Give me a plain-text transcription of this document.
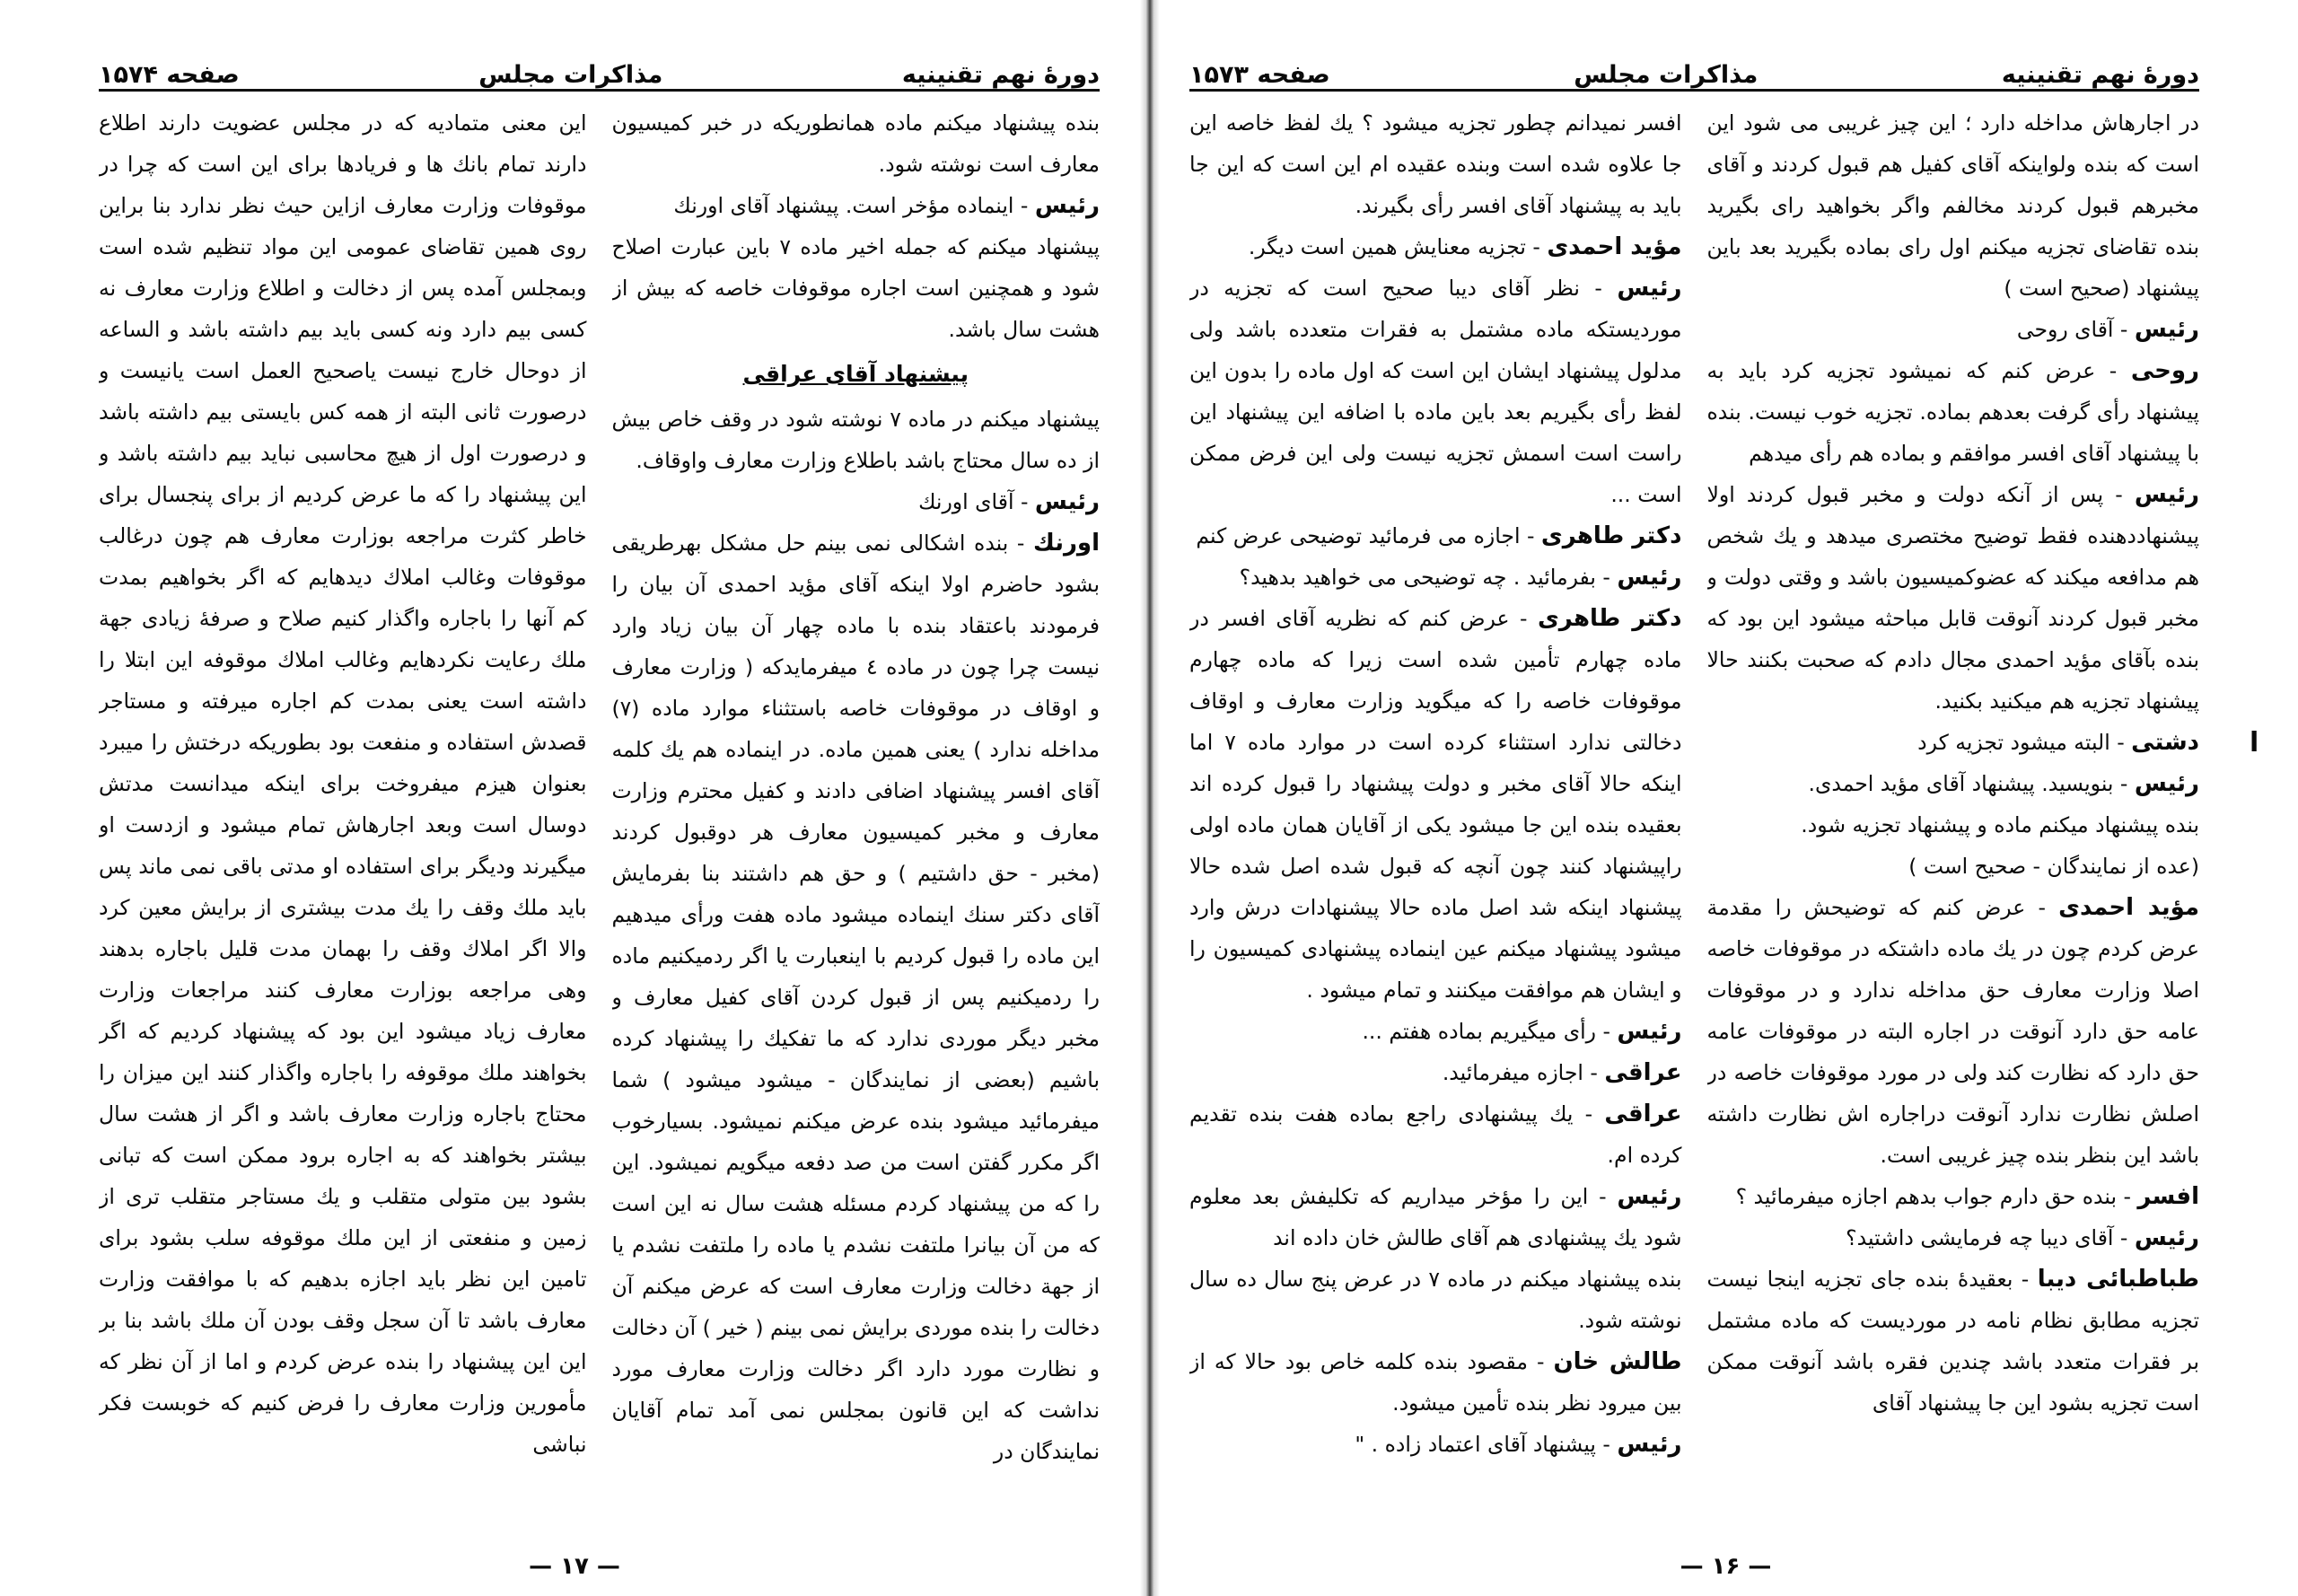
دورهٔ نهم تقنینیه
مذاکرات مجلس
صفحه ۱۵۷۴

بنده پیشنهاد میکنم ماده همانطوریکه در خبر کمیسیون معارف است نوشته شود.

رئیس - اینماده مؤخر است. پیشنهاد آقای اورنك

پیشنهاد میکنم که جمله اخیر ماده ۷ باین عبارت اصلاح شود و همچنین است اجاره موقوفات خاصه که بیش از هشت سال باشد.

پیشنهاد آقای عراقی

پیشنهاد میکنم در ماده ۷ نوشته شود در وقف خاص بیش از ده سال محتاج باشد باطلاع وزارت معارف واوقاف.

رئیس - آقای اورنك

اورنك - بنده اشکالی نمی بینم حل مشکل بهرطریقی بشود حاضرم اولا اینکه آقای مؤید احمدی آن بیان را فرمودند باعتقاد بنده با ماده چهار آن بیان زیاد وارد نیست چرا چون در ماده ٤ میفرمایدکه ( وزارت معارف و اوقاف در موقوفات خاصه باستثناء موارد ماده (۷) مداخله ندارد ) یعنی همین ماده. در اینماده هم یك کلمه آقای افسر پیشنهاد اضافی دادند و کفیل محترم وزارت معارف و مخبر کمیسیون معارف هر دوقبول کردند (مخبر - حق داشتیم ) و حق هم داشتند بنا بفرمایش آقای دکتر سنك اینماده میشود ماده هفت ورأی میدهیم این ماده را قبول کردیم با اینعبارت یا اگر ردمیکنیم ماده را ردمیکنیم پس از قبول کردن آقای کفیل معارف و مخبر دیگر موردی ندارد که ما تفکیك را پیشنهاد کرده باشیم (بعضی از نمایندگان - میشود میشود ) شما میفرمائید میشود بنده عرض میکنم نمیشود. بسیارخوب اگر مکرر گفتن است من صد دفعه میگویم نمیشود. این را که من پیشنهاد کردم مسئله هشت سال نه این است که من آن بیانرا ملتفت نشدم یا ماده را ملتفت نشدم یا از جهة دخالت وزارت معارف است که عرض میکنم آن دخالت را بنده موردی برایش نمی بینم ( خیر ) آن دخالت و نظارت مورد دارد اگر دخالت وزارت معارف مورد نداشت که این قانون بمجلس نمی آمد تمام آقایان نمایندگان در

این معنی متمادیه که در مجلس عضویت دارند اطلاع دارند تمام بانك ها و فریادها برای این است که چرا در موقوفات وزارت معارف ازاین حیث نظر ندارد بنا براین روی همین تقاضای عمومی این مواد تنظیم شده است وبمجلس آمده پس از دخالت و اطلاع وزارت معارف نه کسی بیم دارد ونه کسی باید بیم داشته باشد و الساعه از دوحال خارج نیست یاصحیح العمل است یانیست و درصورت ثانی البته از همه کس بایستی بیم داشته باشد و درصورت اول از هیچ محاسبی نباید بیم داشته باشد و این پیشنهاد را که ما عرض کردیم از برای پنجسال برای خاطر کثرت مراجعه بوزارت معارف هم چون درغالب موقوفات وغالب املاك دیدهایم که اگر بخواهیم بمدت کم آنها را باجاره واگذار کنیم صلاح و صرفهٔ زیادی جهة ملك رعایت نکردهایم وغالب املاك موقوفه این ابتلا را داشته است یعنی بمدت کم اجاره میرفته و مستاجر قصدش استفاده و منفعت بود بطوریکه درختش را میبرد بعنوان هیزم میفروخت برای اینکه میدانست مدتش دوسال است وبعد اجارهاش تمام میشود و ازدست او میگیرند ودیگر برای استفاده او مدتی باقی نمی ماند پس باید ملك وقف را یك مدت بیشتری از برایش معین کرد والا اگر املاك وقف را بهمان مدت قلیل باجاره بدهند وهی مراجعه بوزارت معارف کنند مراجعات وزارت معارف زیاد میشود این بود که پیشنهاد کردیم که اگر بخواهند ملك موقوفه را باجاره واگذار کنند این میزان را محتاج باجاره وزارت معارف باشد و اگر از هشت سال بیشتر بخواهند که به اجاره برود ممکن است که تبانی بشود بین متولی متقلب و یك مستاجر متقلب تری از زمین و منفعتی از این ملك موقوفه سلب بشود برای تامین این نظر باید اجازه بدهیم که با موافقت وزارت معارف باشد تا آن سجل وقف بودن آن ملك باشد بنا بر این این پیشنهاد را بنده عرض کردم و اما از آن نظر که مأمورین وزارت معارف را فرض کنیم که خوبست فکر نباشی

— ۱۷ —
دورهٔ نهم تقنینیه
مذاکرات مجلس
صفحه ۱۵۷۳

در اجارهاش مداخله دارد ؛ این چیز غریبی می شود این است که بنده ولواینکه آقای کفیل هم قبول کردند و آقای مخبرهم قبول کردند مخالفم واگر بخواهید رای بگیرید بنده تقاضای تجزیه میکنم اول رای بماده بگیرید بعد باین پیشنهاد (صحیح است )

رئیس - آقای روحی

روحی - عرض کنم که نمیشود تجزیه کرد باید به پیشنهاد رأی گرفت بعدهم بماده. تجزیه خوب نیست. بنده با پیشنهاد آقای افسر موافقم و بماده هم رأی میدهم

رئیس - پس از آنکه دولت و مخبر قبول کردند اولا پیشنهاددهنده فقط توضیح مختصری میدهد و یك شخص هم مدافعه میکند که عضوکمیسیون باشد و وقتی دولت و مخبر قبول کردند آنوقت قابل مباحثه میشود این بود که بنده بآقای مؤید احمدی مجال دادم که صحبت بکنند حالا پیشنهاد تجزیه هم میکنید بکنید.

دشتی - البته میشود تجزیه کرد

رئیس - بنویسید. پیشنهاد آقای مؤید احمدی.

بنده پیشنهاد میکنم ماده و پیشنهاد تجزیه شود.

(عده از نمایندگان - صحیح است )

مؤید احمدی - عرض کنم که توضیحش را مقدمة عرض کردم چون در یك ماده داشتکه در موقوفات خاصه اصلا وزارت معارف حق مداخله ندارد و در موقوفات عامه حق دارد آنوقت در اجاره البته در موقوفات عامه حق دارد که نظارت کند ولی در مورد موقوفات خاصه در اصلش نظارت ندارد آنوقت دراجاره اش نظارت داشته باشد این بنظر بنده چیز غریبی است.

افسر - بنده حق دارم جواب بدهم اجازه میفرمائید ؟

رئیس - آقای دیبا چه فرمایشی داشتید؟

طباطبائی دیبا - بعقیدهٔ بنده جای تجزیه اینجا نیست تجزیه مطابق نظام نامه در موردیست که ماده مشتمل بر فقرات متعدد باشد چندین فقره باشد آنوقت ممکن است تجزیه بشود این جا پیشنهاد آقای

افسر نمیدانم چطور تجزیه میشود ؟ یك لفظ خاصه این جا علاوه شده است وبنده عقیده ام این است که این جا باید به پیشنهاد آقای افسر رأی بگیرند.

مؤید احمدی - تجزیه معنایش همین است دیگر.

رئیس - نظر آقای دیبا صحیح است که تجزیه در موردیستکه ماده مشتمل به فقرات متعدده باشد ولی مدلول پیشنهاد ایشان این است که اول ماده را بدون این لفظ رأی بگیریم بعد باین ماده با اضافه این پیشنهاد این راست است اسمش تجزیه نیست ولی این فرض ممکن است ...

دکتر طاهری - اجازه می فرمائید توضیحی عرض کنم

رئیس - بفرمائید . چه توضیحی می خواهید بدهید؟

دکتر طاهری - عرض کنم که نظریه آقای افسر در ماده چهارم تأمین شده است زیرا که ماده چهارم موقوفات خاصه را که میگوید وزارت معارف و اوقاف دخالتی ندارد استثناء کرده است در موارد ماده ۷ اما اینکه حالا آقای مخبر و دولت پیشنهاد را قبول کرده اند بعقیده بنده این جا میشود یکی از آقایان همان ماده اولی راپیشنهاد کنند چون آنچه که قبول شده اصل شده حالا پیشنهاد اینکه شد اصل ماده حالا پیشنهادات درش وارد میشود پیشنهاد میکنم عین اینماده پیشنهادی کمیسیون را و ایشان هم موافقت میکنند و تمام میشود .

رئیس - رأی میگیریم بماده هفتم ...

عراقی - اجازه میفرمائید.

عراقی - یك پیشنهادی راجع بماده هفت بنده تقدیم کرده ام.

رئیس - این را مؤخر میداریم که تکلیفش بعد معلوم شود یك پیشنهادی هم آقای طالش خان داده اند

بنده پیشنهاد میکنم در ماده ۷ در عرض پنج سال ده سال نوشته شود.

طالش خان - مقصود بنده کلمه خاص بود حالا که از بین میرود نظر بنده تأمین میشود.

رئیس - پیشنهاد آقای اعتماد زاده . "

— ۱۶ —
ا
